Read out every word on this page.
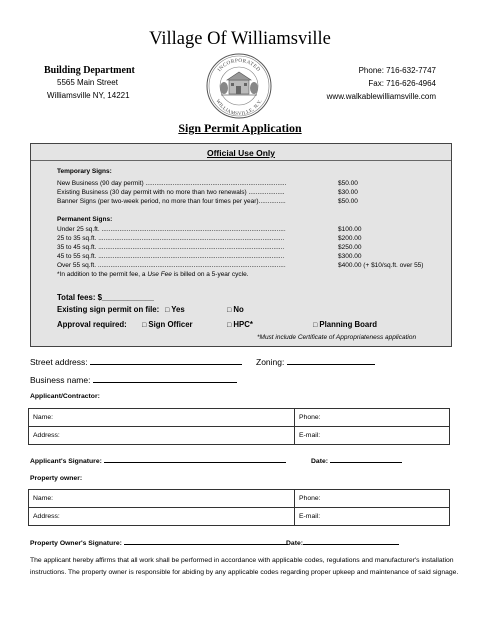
Village Of Williamsville
Building Department
5565 Main Street
Williamsville NY, 14221
Phone: 716-632-7747
Fax: 716-626-4964
www.walkablewilliamsville.com
INCORPORATED
WILLIAMSVILLE, N.Y.
Sign Permit Application
Official Use Only
Temporary Signs:
New Business (90 day permit) ..............................................................................	$50.00
Existing Business (30 day permit with no more than two renewals) ....................	$30.00
Banner Signs (per two-week period, no more than four times per year)...............	$50.00
Permanent Signs:
Under 25 sq.ft. ......................................................................................................	$100.00
25 to 35 sq.ft. .......................................................................................................	$200.00
35 to 45 sq.ft. .......................................................................................................	$250.00
45 to 55 sq.ft. .......................................................................................................	$300.00
Over 55 sq.ft. ........................................................................................................	$400.00 (+ $10/sq.ft. over 55)
*In addition to the permit fee, a Use Fee is billed on a 5-year cycle.
Total fees: $____________
Existing sign permit on file: □ Yes	□ No
Approval required: □ Sign Officer	□ HPC*	□ Planning Board
*Must include Certificate of Appropriateness application
Street address:	Zoning:
Business name:
Applicant/Contractor:
Name:	Phone:
Address:	E-mail:
Applicant's Signature:	Date:
Property owner:
Name:	Phone:
Address:	E-mail:
Property Owner's Signature:	Date:
The applicant hereby affirms that all work shall be performed in accordance with applicable codes, regulations and manufacturer's installation instructions. The property owner is responsible for abiding by any applicable codes regarding proper upkeep and maintenance of said signage.
